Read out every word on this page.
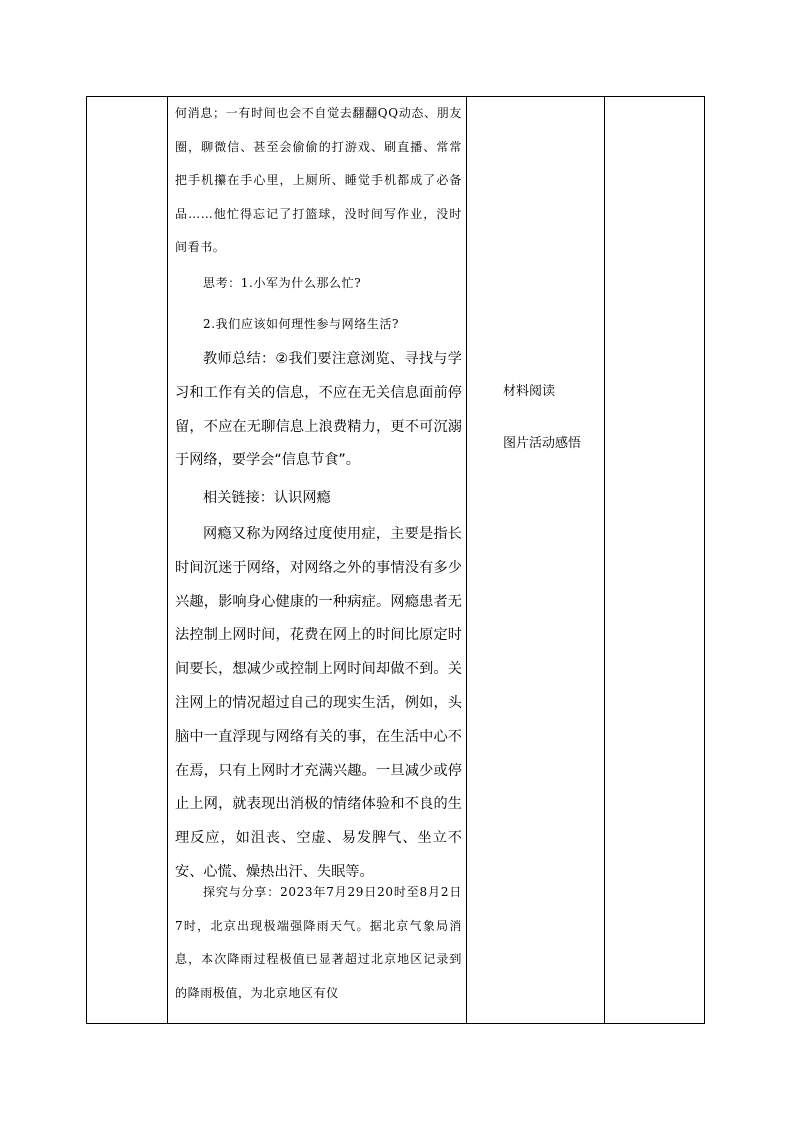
何消息；一有时间也会不自觉去翻翻QQ动态、朋友圈，聊微信、甚至会偷偷的打游戏、刷直播、常常把手机攥在手心里，上厕所、睡觉手机都成了必备品……他忙得忘记了打篮球，没时间写作业，没时间看书。

思考：1.小军为什么那么忙?

2.我们应该如何理性参与网络生活?

教师总结：②我们要注意浏览、寻找与学习和工作有关的信息，不应在无关信息面前停留，不应在无聊信息上浪费精力，更不可沉溺于网络，要学会“信息节食”。

相关链接：认识网瘾

网瘾又称为网络过度使用症，主要是指长时间沉迷于网络，对网络之外的事情没有多少兴趣，影响身心健康的一种病症。网瘾患者无法控制上网时间，花费在网上的时间比原定时间要长，想减少或控制上网时间却做不到。关注网上的情况超过自己的现实生活，例如，头脑中一直浮现与网络有关的事，在生活中心不在焉，只有上网时才充满兴趣。一旦减少或停止上网，就表现出消极的情绪体验和不良的生理反应，如沮丧、空虚、易发脾气、坐立不安、心慌、燥热出汗、失眠等。

探究与分享：2023年7月29日20时至8月2日7时，北京出现极端强降雨天气。据北京气象局消息，本次降雨过程极值已显著超过北京地区记录到的降雨极值，为北京地区有仪

材料阅读
图片活动感悟
